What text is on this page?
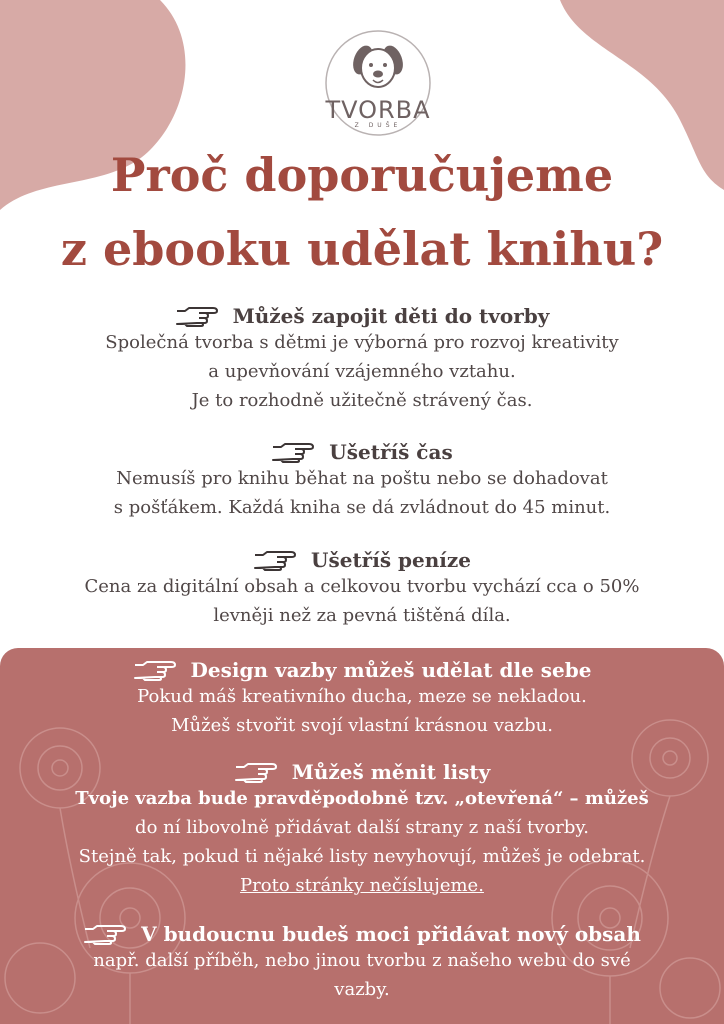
TVORBA
Z DUŠE
Proč doporučujeme
z ebooku udělat knihu?
Můžeš zapojit děti do tvorby
Společná tvorba s dětmi je výborná pro rozvoj kreativity
a upevňování vzájemného vztahu.
Je to rozhodně užitečně strávený čas.
Ušetříš čas
Nemusíš pro knihu běhat na poštu nebo se dohadovat
s pošťákem. Každá kniha se dá zvládnout do 45 minut.
Ušetříš peníze
Cena za digitální obsah a celkovou tvorbu vychází cca o 50%
levněji než za pevná tištěná díla.
Design vazby můžeš udělat dle sebe
Pokud máš kreativního ducha, meze se nekladou.
Můžeš stvořit svojí vlastní krásnou vazbu.
Můžeš měnit listy
Tvoje vazba bude pravděpodobně tzv. „otevřená“ – můžeš
do ní libovolně přidávat další strany z naší tvorby.
Stejně tak, pokud ti nějaké listy nevyhovují, můžeš je odebrat.
Proto stránky nečíslujeme.
V budoucnu budeš moci přidávat nový obsah
např. další příběh, nebo jinou tvorbu z našeho webu do své
vazby.
